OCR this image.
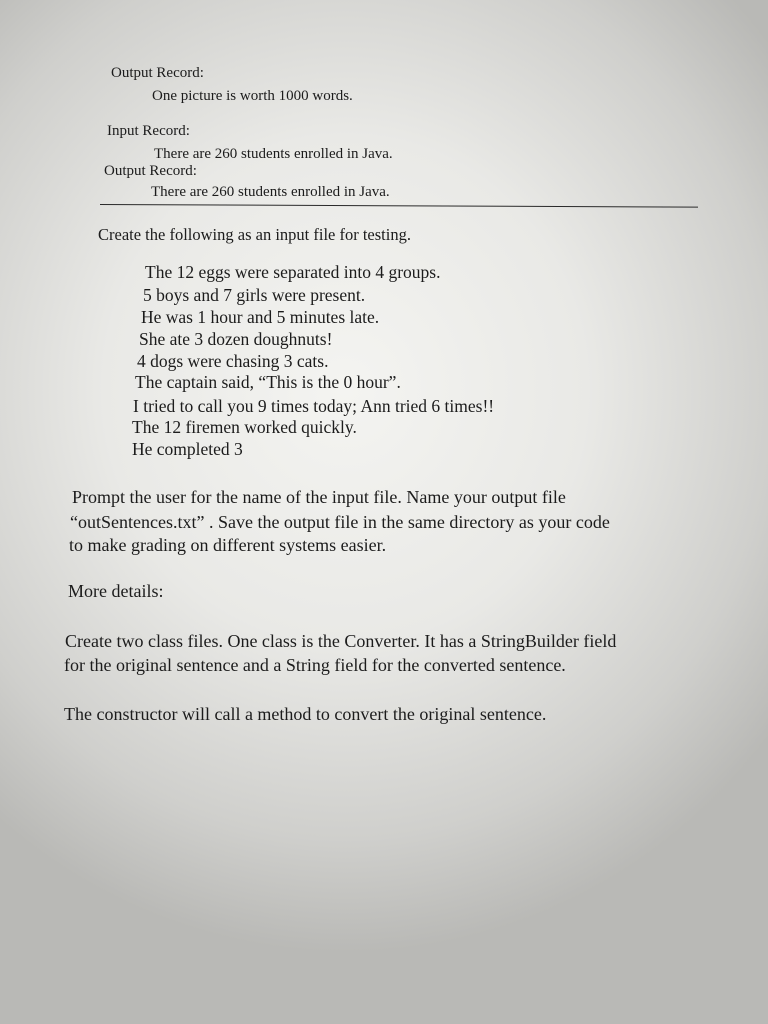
Output Record:
One picture is worth 1000 words.
Input Record:
There are 260 students enrolled in Java.
Output Record:
There are 260 students enrolled in Java.
Create the following as an input file for testing.
The 12 eggs were separated into 4 groups.
5 boys and 7 girls were present.
He was 1 hour and 5 minutes late.
She ate 3 dozen doughnuts!
4 dogs were chasing 3 cats.
The captain said, “This is the 0 hour”.
I tried to call you 9 times today; Ann tried 6 times!!
The 12 firemen worked quickly.
He completed 3
Prompt the user for the name of the input file. Name your output file
“outSentences.txt” . Save the output file in the same directory as your code
to make grading on different systems easier.
More details:
Create two class files. One class is the Converter. It has a StringBuilder field
for the original sentence and a String field for the converted sentence.
The constructor will call a method to convert the original sentence.
